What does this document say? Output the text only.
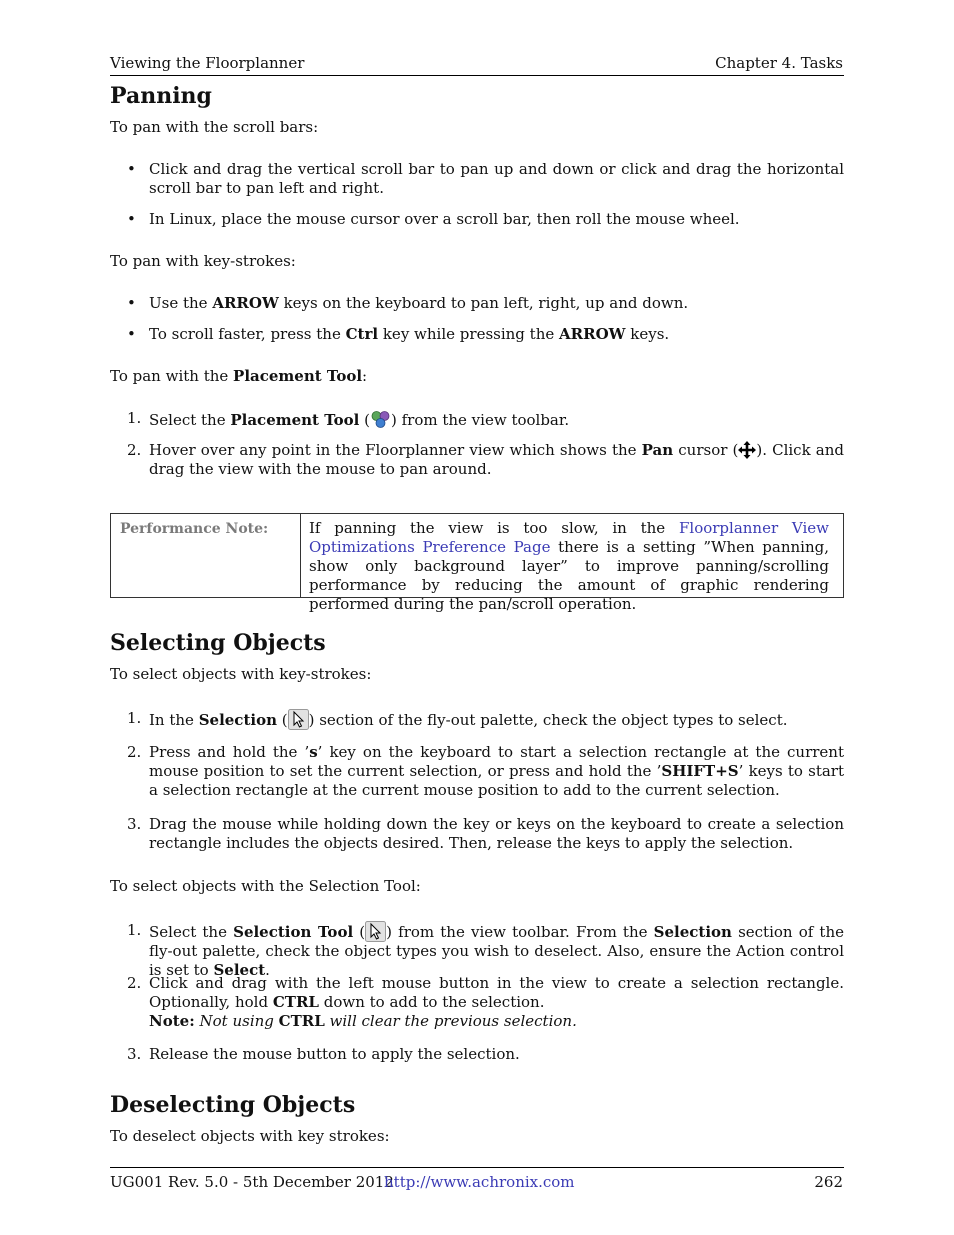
Viewing the Floorplanner	Chapter 4. Tasks
Panning
To pan with the scroll bars:
• Click and drag the vertical scroll bar to pan up and down or click and drag the horizontal scroll bar to pan left and right.
• In Linux, place the mouse cursor over a scroll bar, then roll the mouse wheel.
To pan with key-strokes:
• Use the ARROW keys on the keyboard to pan left, right, up and down.
• To scroll faster, press the Ctrl key while pressing the ARROW keys.
To pan with the Placement Tool:
1. Select the Placement Tool ( ) from the view toolbar.
2. Hover over any point in the Floorplanner view which shows the Pan cursor ( ). Click and drag the view with the mouse to pan around.
Performance Note:	If panning the view is too slow, in the Floorplanner View Optimizations Preference Page there is a setting ”When panning, show only background layer” to improve panning/scrolling performance by reducing the amount of graphic rendering performed during the pan/scroll operation.
Selecting Objects
To select objects with key-strokes:
1. In the Selection ( ) section of the fly-out palette, check the object types to select.
2. Press and hold the ’s’ key on the keyboard to start a selection rectangle at the current mouse position to set the current selection, or press and hold the ’SHIFT+S’ keys to start a selection rectangle at the current mouse position to add to the current selection.
3. Drag the mouse while holding down the key or keys on the keyboard to create a selection rectangle includes the objects desired. Then, release the keys to apply the selection.
To select objects with the Selection Tool:
1. Select the Selection Tool ( ) from the view toolbar. From the Selection section of the fly-out palette, check the object types you wish to deselect. Also, ensure the Action control is set to Select.
2. Click and drag with the left mouse button in the view to create a selection rectangle. Optionally, hold CTRL down to add to the selection.
Note: Not using CTRL will clear the previous selection.
3. Release the mouse button to apply the selection.
Deselecting Objects
To deselect objects with key strokes:
UG001 Rev. 5.0 - 5th December 2012
http://www.achronix.com	262
